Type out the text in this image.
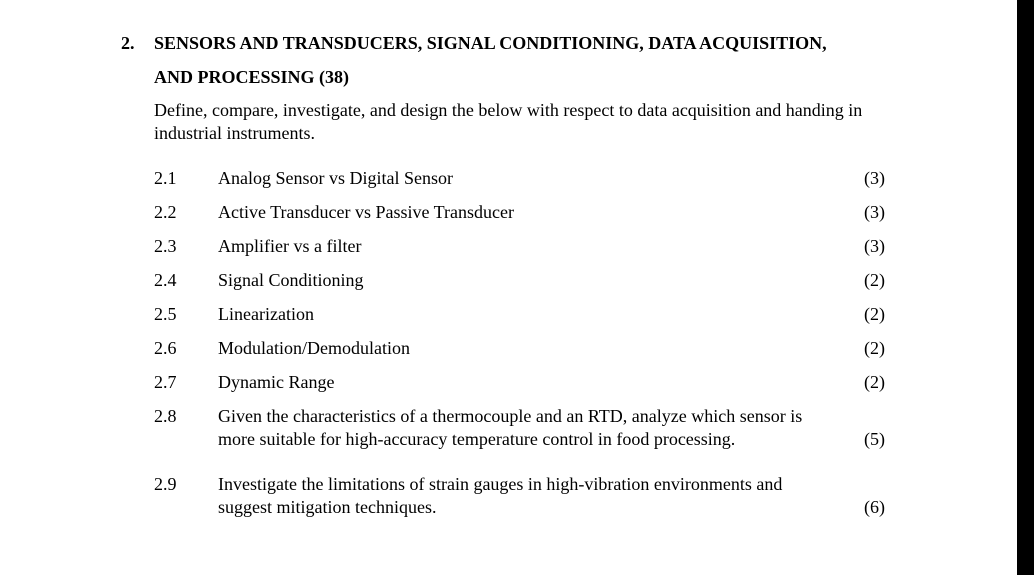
2. SENSORS AND TRANSDUCERS, SIGNAL CONDITIONING, DATA ACQUISITION,
AND PROCESSING (38)
Define, compare, investigate, and design the below with respect to data acquisition and handing in industrial instruments.
2.1 Analog Sensor vs Digital Sensor	(3)
2.2 Active Transducer vs Passive Transducer	(3)
2.3 Amplifier vs a filter	(3)
2.4 Signal Conditioning	(2)
2.5 Linearization	(2)
2.6 Modulation/Demodulation	(2)
2.7 Dynamic Range	(2)
2.8 Given the characteristics of a thermocouple and an RTD, analyze which sensor is
more suitable for high-accuracy temperature control in food processing.	(5)
2.9 Investigate the limitations of strain gauges in high-vibration environments and
suggest mitigation techniques.	(6)
